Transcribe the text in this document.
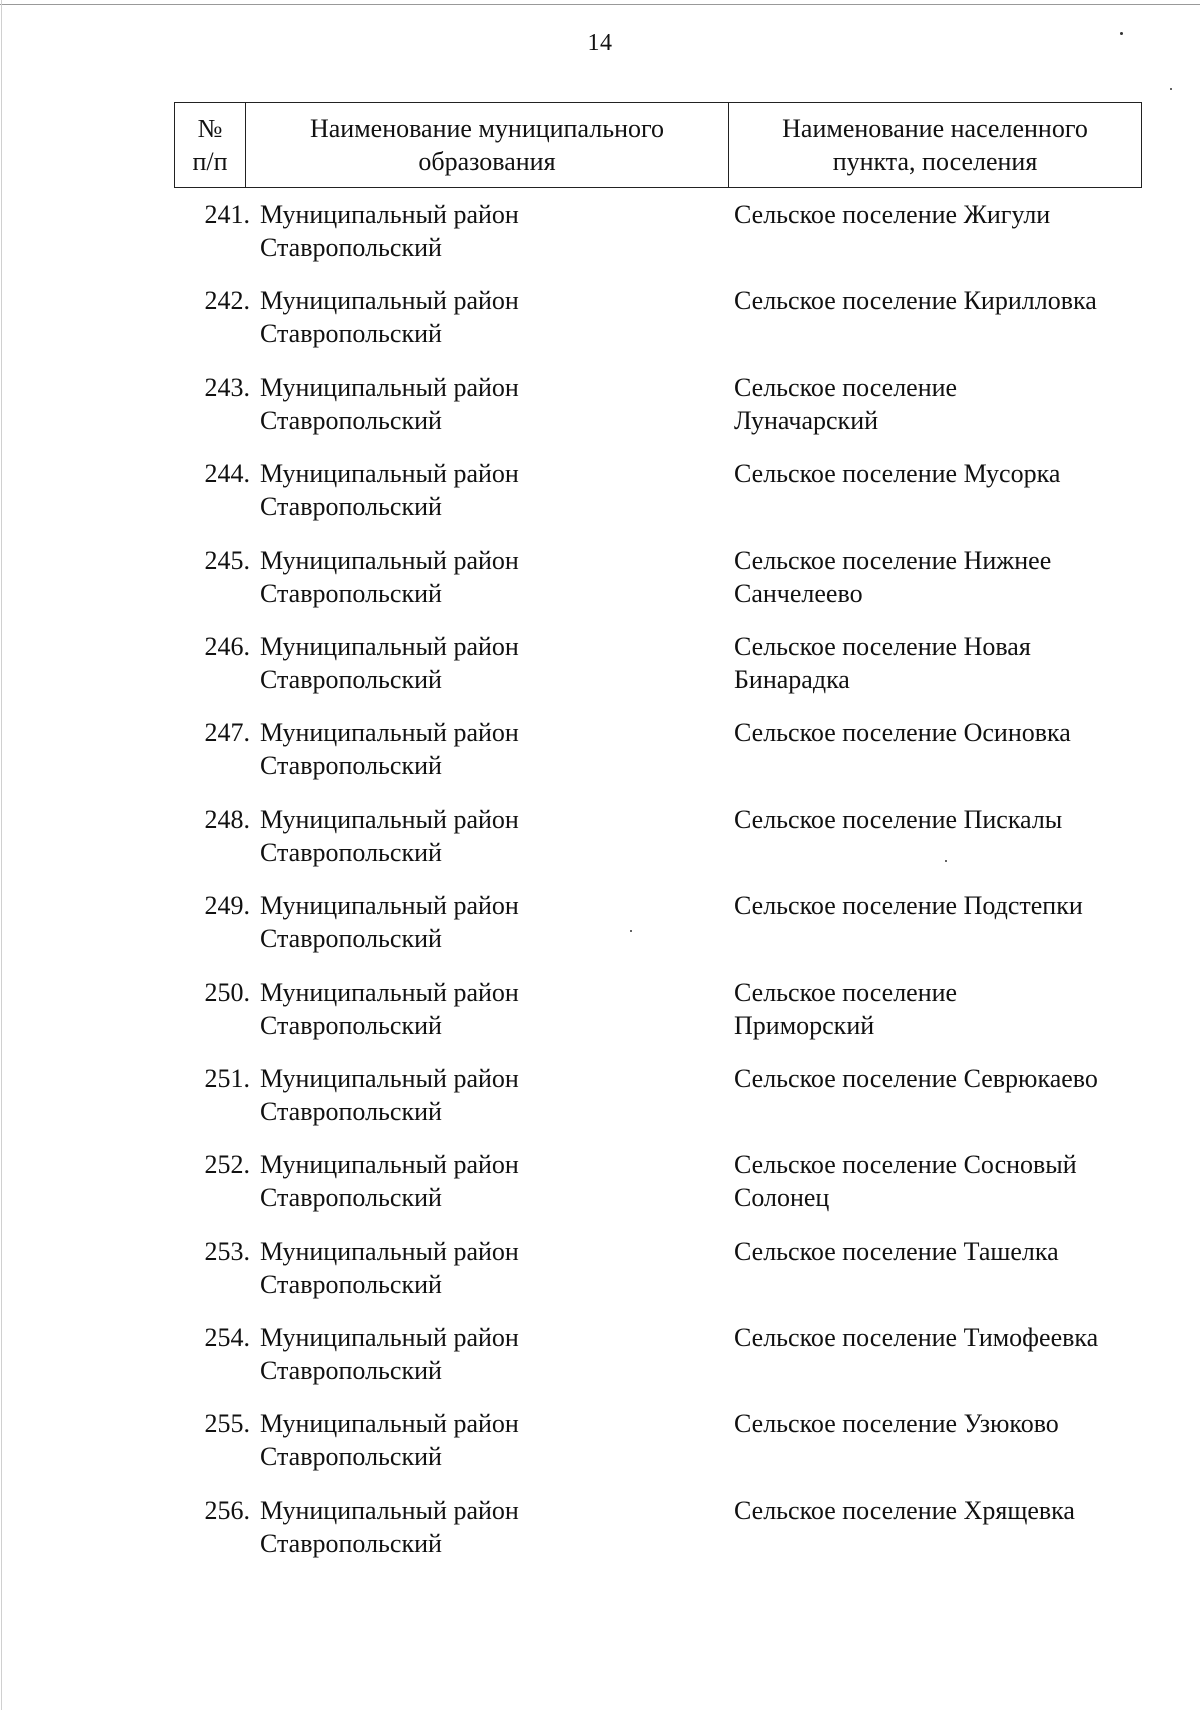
14
№
п/п
Наименование муниципального
образования
Наименование населенного
пункта, поселения
241. Муниципальный район
Ставропольский
Сельское поселение Жигули
242. Муниципальный район
Ставропольский
Сельское поселение Кирилловка
243. Муниципальный район
Ставропольский
Сельское поселение
Луначарский
244. Муниципальный район
Ставропольский
Сельское поселение Мусорка
245. Муниципальный район
Ставропольский
Сельское поселение Нижнее
Санчелеево
246. Муниципальный район
Ставропольский
Сельское поселение Новая
Бинарадка
247. Муниципальный район
Ставропольский
Сельское поселение Осиновка
248. Муниципальный район
Ставропольский
Сельское поселение Пискалы
249. Муниципальный район
Ставропольский
Сельское поселение Подстепки
250. Муниципальный район
Ставропольский
Сельское поселение
Приморский
251. Муниципальный район
Ставропольский
Сельское поселение Севрюкаево
252. Муниципальный район
Ставропольский
Сельское поселение Сосновый
Солонец
253. Муниципальный район
Ставропольский
Сельское поселение Ташелка
254. Муниципальный район
Ставропольский
Сельское поселение Тимофеевка
255. Муниципальный район
Ставропольский
Сельское поселение Узюково
256. Муниципальный район
Ставропольский
Сельское поселение Хрящевка
